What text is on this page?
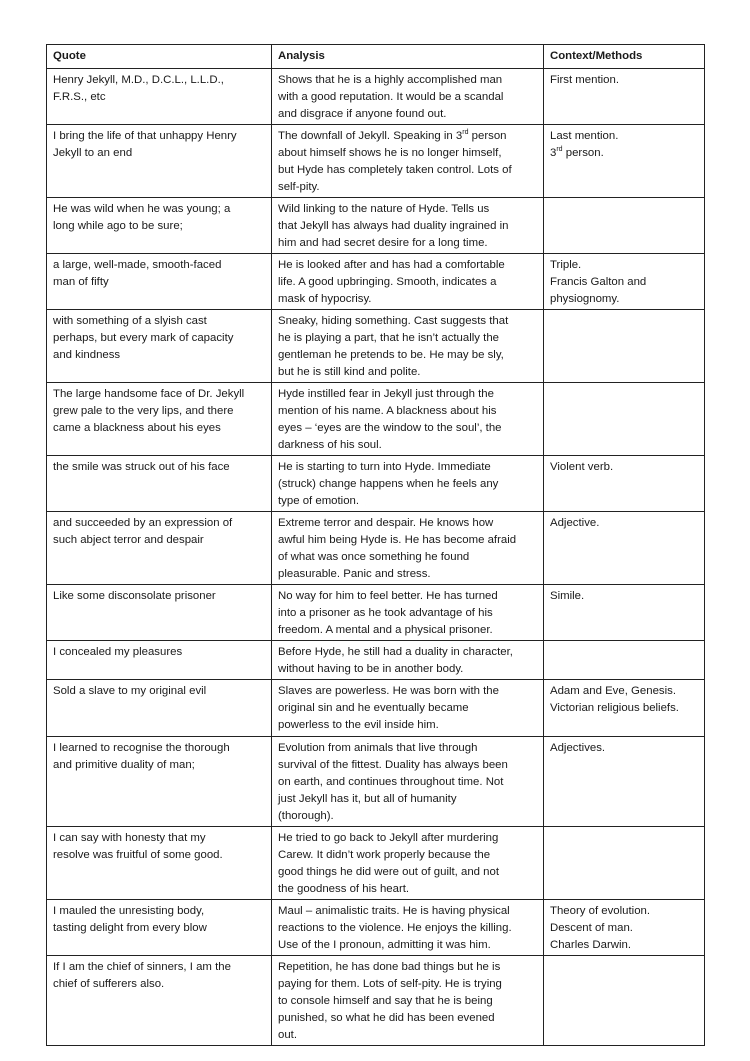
Quote	Analysis	Context/Methods

Henry Jekyll, M.D., D.C.L., L.L.D.,
F.R.S., etc	Shows that he is a highly accomplished man
with a good reputation. It would be a scandal
and disgrace if anyone found out.	First mention.

I bring the life of that unhappy Henry
Jekyll to an end	The downfall of Jekyll. Speaking in 3rd person
about himself shows he is no longer himself,
but Hyde has completely taken control. Lots of
self-pity.	Last mention.
3rd person.

He was wild when he was young; a
long while ago to be sure;	Wild linking to the nature of Hyde. Tells us
that Jekyll has always had duality ingrained in
him and had secret desire for a long time.	

a large, well-made, smooth-faced
man of fifty	He is looked after and has had a comfortable
life. A good upbringing. Smooth, indicates a
mask of hypocrisy.	Triple.
Francis Galton and
physiognomy.

with something of a slyish cast
perhaps, but every mark of capacity
and kindness	Sneaky, hiding something. Cast suggests that
he is playing a part, that he isn’t actually the
gentleman he pretends to be. He may be sly,
but he is still kind and polite.	

The large handsome face of Dr. Jekyll
grew pale to the very lips, and there
came a blackness about his eyes	Hyde instilled fear in Jekyll just through the
mention of his name. A blackness about his
eyes – ‘eyes are the window to the soul’, the
darkness of his soul.	

the smile was struck out of his face	He is starting to turn into Hyde. Immediate
(struck) change happens when he feels any
type of emotion.	Violent verb.

and succeeded by an expression of
such abject terror and despair	Extreme terror and despair. He knows how
awful him being Hyde is. He has become afraid
of what was once something he found
pleasurable. Panic and stress.	Adjective.

Like some disconsolate prisoner	No way for him to feel better. He has turned
into a prisoner as he took advantage of his
freedom. A mental and a physical prisoner.	Simile.

I concealed my pleasures	Before Hyde, he still had a duality in character,
without having to be in another body.	

Sold a slave to my original evil	Slaves are powerless. He was born with the
original sin and he eventually became
powerless to the evil inside him.	Adam and Eve, Genesis.
Victorian religious beliefs.

I learned to recognise the thorough
and primitive duality of man;	Evolution from animals that live through
survival of the fittest. Duality has always been
on earth, and continues throughout time. Not
just Jekyll has it, but all of humanity
(thorough).	Adjectives.

I can say with honesty that my
resolve was fruitful of some good.	He tried to go back to Jekyll after murdering
Carew. It didn’t work properly because the
good things he did were out of guilt, and not
the goodness of his heart.	

I mauled the unresisting body,
tasting delight from every blow	Maul – animalistic traits. He is having physical
reactions to the violence. He enjoys the killing.
Use of the I pronoun, admitting it was him.	Theory of evolution.
Descent of man.
Charles Darwin.

If I am the chief of sinners, I am the
chief of sufferers also.	Repetition, he has done bad things but he is
paying for them. Lots of self-pity. He is trying
to console himself and say that he is being
punished, so what he did has been evened
out.	
